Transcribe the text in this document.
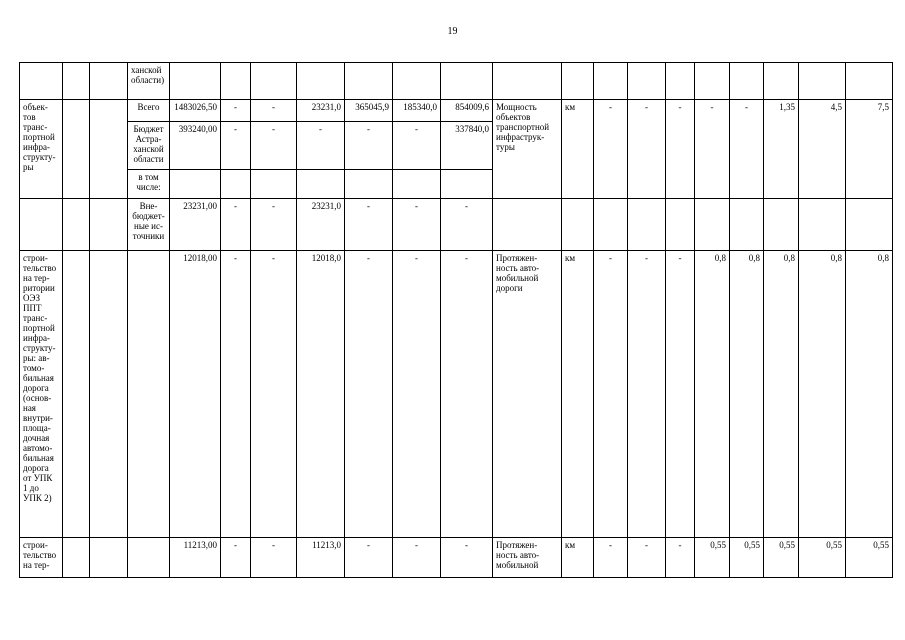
19
			ханской области)																	
объек-тов транс-портной инфра-структу-ры			Всего	1483026,50	-	-	23231,0	365045,9	185340,0	854009,6	Мощность объектов транспортной инфраструк-туры	км	-	-	-	-	-	1,35	4,5	7,5
			Бюджет Астра-ханской области	393240,00	-	-	-	-	-	337840,0										
			в том числе:																	
			Вне-бюджет-ные ис-точники	23231,00	-	-	23231,0	-	-	-										
строи-тельство на тер-ритории ОЭЗ ППТ транс-портной инфра-структу-ры: ав-томо-бильная дорога (основ-ная внутри-площа-дочная автомо-бильная дорога от УПК 1 до УПК 2)				12018,00	-	-	12018,0	-	-	-	Протяжен-ность авто-мобильной дороги	км	-	-	-	0,8	0,8	0,8	0,8	0,8
строи-тельство на тер-				11213,00	-	-	11213,0	-	-	-	Протяжен-ность авто-мобильной	км	-	-	-	0,55	0,55	0,55	0,55	0,55
